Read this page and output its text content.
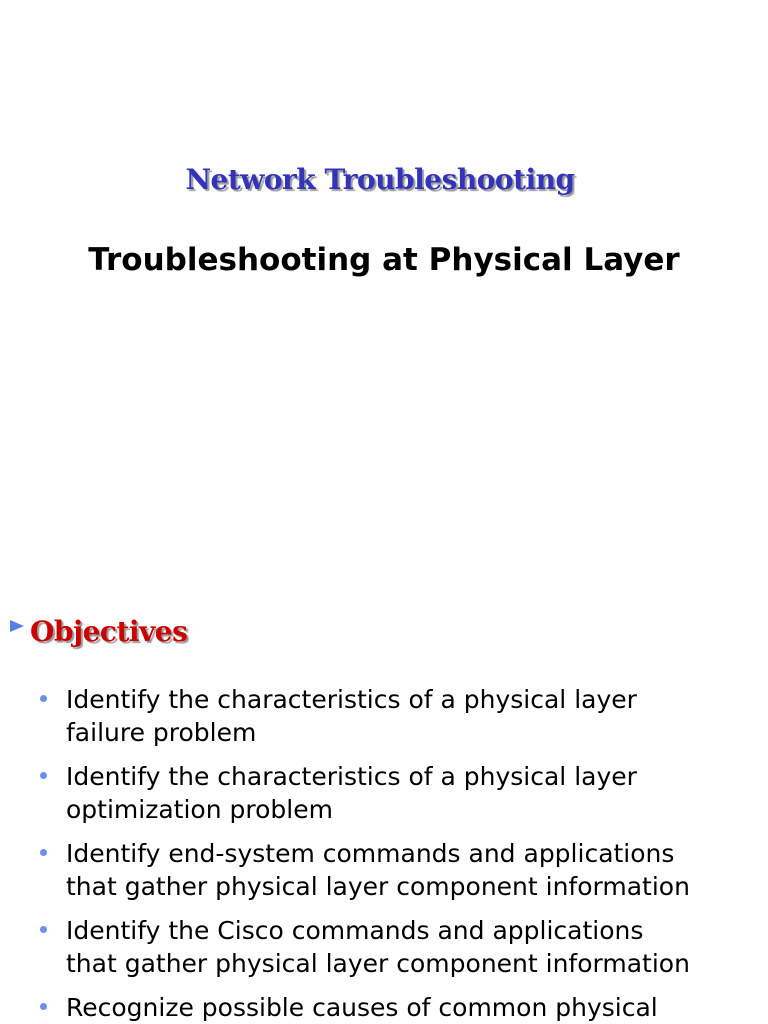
Network Troubleshooting
Troubleshooting at Physical Layer
Objectives
Identify the characteristics of a physical layer
failure problem
Identify the characteristics of a physical layer
optimization problem
Identify end-system commands and applications
that gather physical layer component information
Identify the Cisco commands and applications
that gather physical layer component information
Recognize possible causes of common physical
